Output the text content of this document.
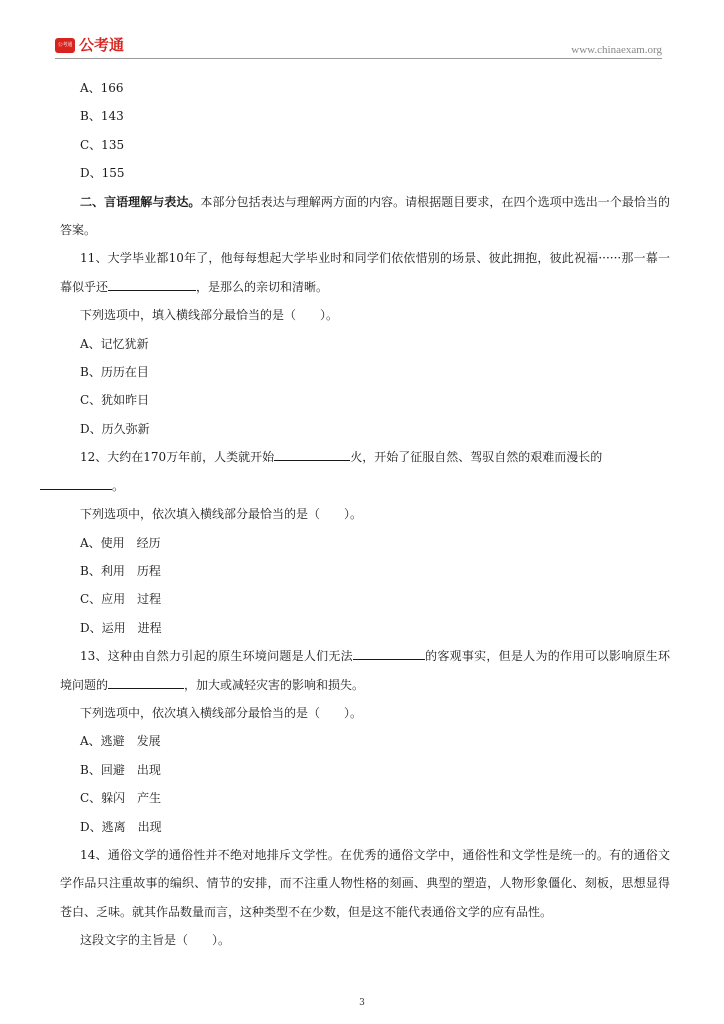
公考通 公考通	www.chinaexam.org
A、166
B、143
C、135
D、155
二、言语理解与表达。本部分包括表达与理解两方面的内容。请根据题目要求，在四个选项中选出一个最恰当的答案。
11、大学毕业都10年了，他每每想起大学毕业时和同学们依依惜别的场景、彼此拥抱，彼此祝福······那一幕一幕似乎还	，是那么的亲切和清晰。
下列选项中，填入横线部分最恰当的是（　　）。
A、记忆犹新
B、历历在目
C、犹如昨日
D、历久弥新
12、大约在170万年前，人类就开始	火，开始了征服自然、驾驭自然的艰难而漫长的
。
下列选项中，依次填入横线部分最恰当的是（　　）。
A、使用　经历
B、利用　历程
C、应用　过程
D、运用　进程
13、这种由自然力引起的原生环境问题是人们无法	的客观事实，但是人为的作用可以影响原生环境问题的	，加大或减轻灾害的影响和损失。
下列选项中，依次填入横线部分最恰当的是（　　）。
A、逃避　发展
B、回避　出现
C、躲闪　产生
D、逃离　出现
14、通俗文学的通俗性并不绝对地排斥文学性。在优秀的通俗文学中，通俗性和文学性是统一的。有的通俗文学作品只注重故事的编织、情节的安排，而不注重人物性格的刻画、典型的塑造，人物形象僵化、刻板，思想显得苍白、乏味。就其作品数量而言，这种类型不在少数，但是这不能代表通俗文学的应有品性。
这段文字的主旨是（　　）。
3
